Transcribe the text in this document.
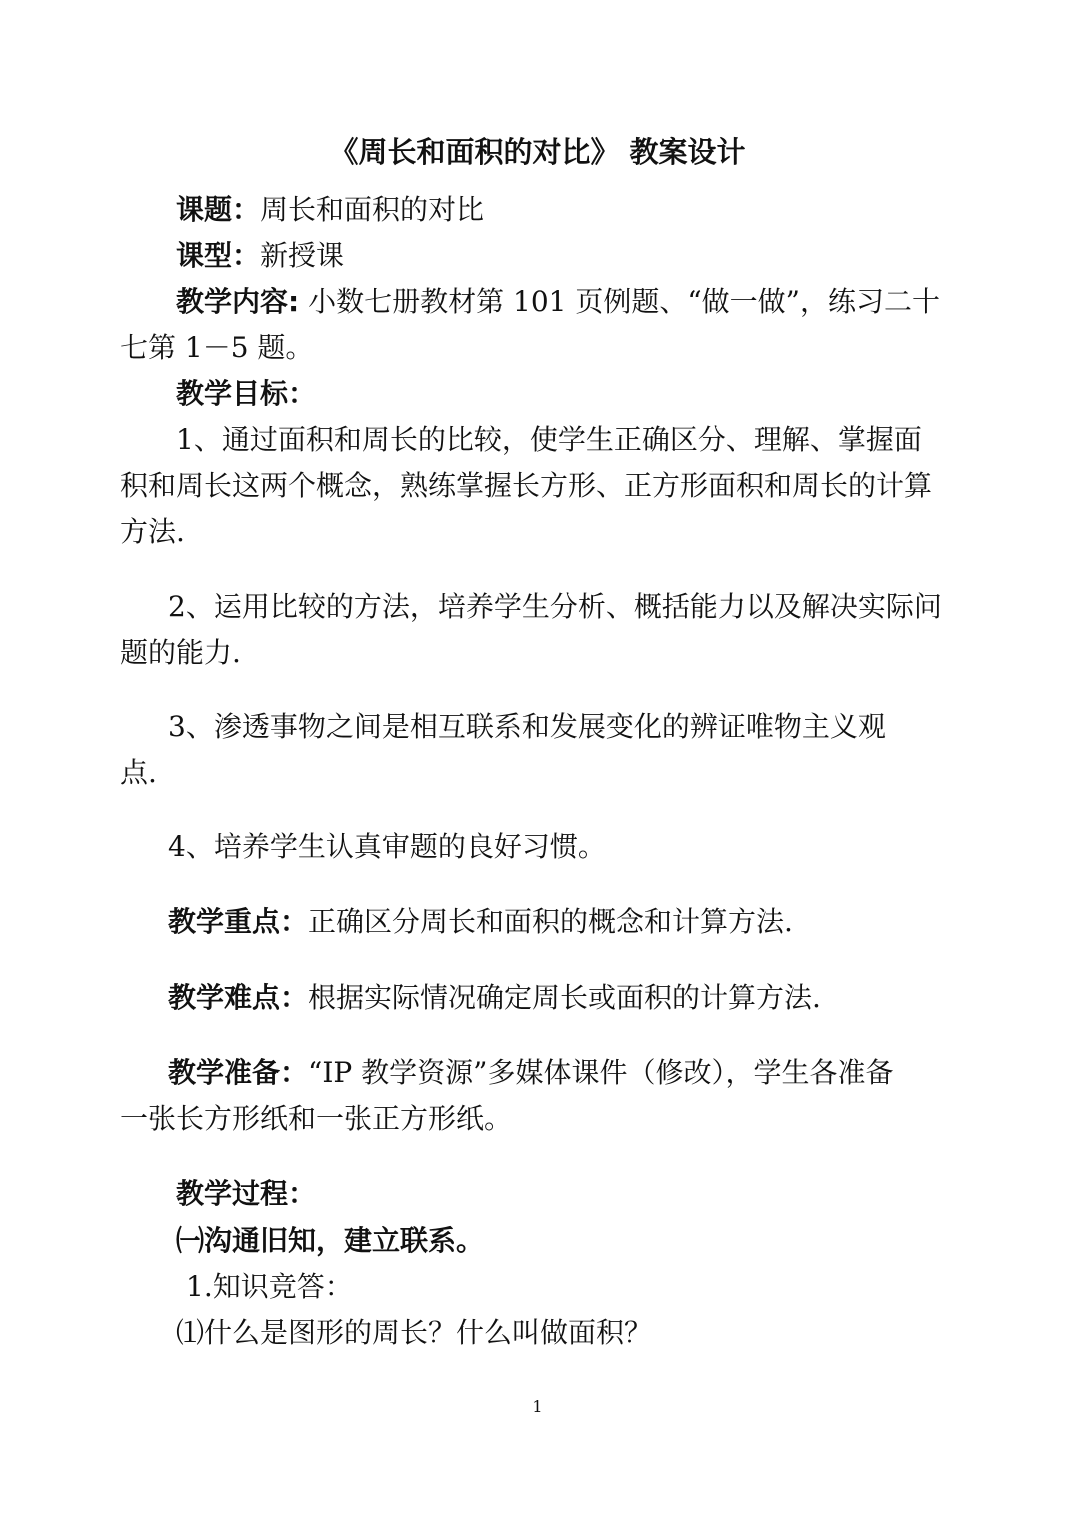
《周长和面积的对比》 教案设计
课题：周长和面积的对比
课型：新授课
教学内容: 小数七册教材第 101 页例题、“做一做”，练习二十
七第 1－5 题。
教学目标：
1、通过面积和周长的比较，使学生正确区分、理解、掌握面
积和周长这两个概念，熟练掌握长方形、正方形面积和周长的计算
方法.
2、运用比较的方法，培养学生分析、概括能力以及解决实际问
题的能力.
3、渗透事物之间是相互联系和发展变化的辨证唯物主义观
点.
4、培养学生认真审题的良好习惯。
教学重点：正确区分周长和面积的概念和计算方法.
教学难点：根据实际情况确定周长或面积的计算方法.
教学准备：“IP 教学资源”多媒体课件（修改），学生各准备
一张长方形纸和一张正方形纸。
教学过程：
㈠沟通旧知，建立联系。
1.知识竞答：
⑴什么是图形的周长？什么叫做面积？
1
